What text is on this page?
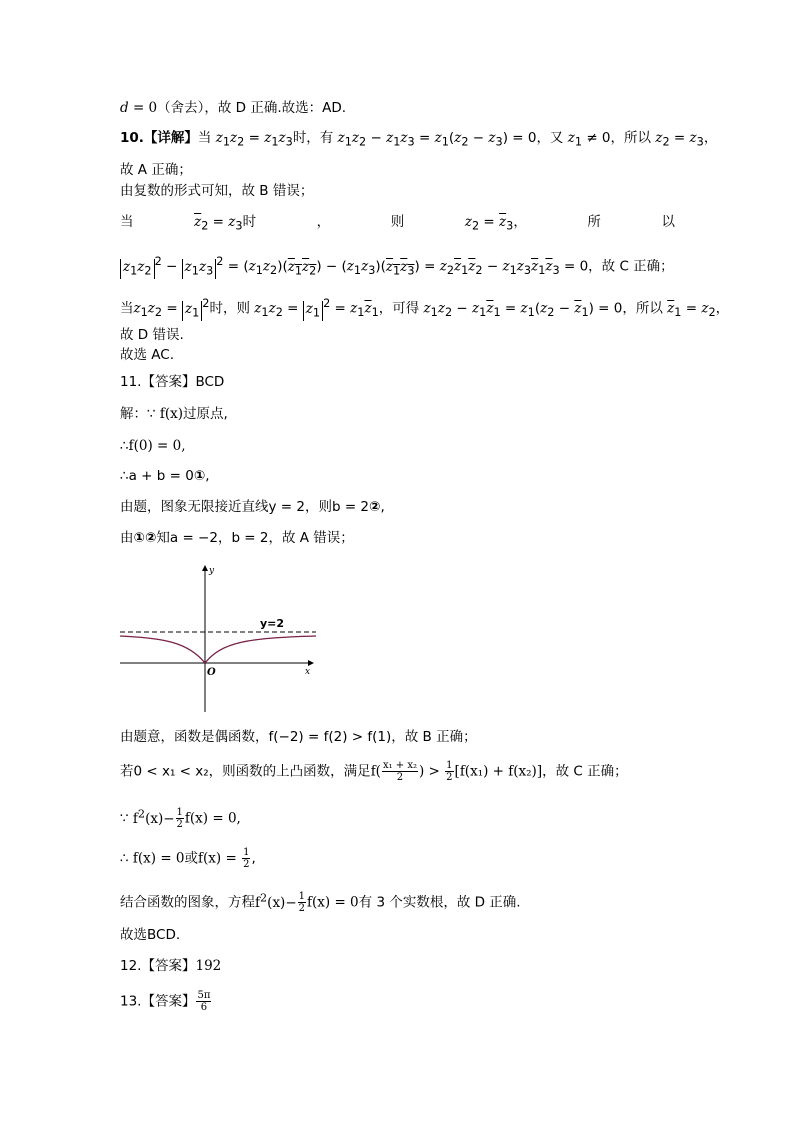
d = 0（舍去），故 D 正确.故选：AD.
10.【详解】当 $z_1z_2 = z_1z_3$时，有 $z_1z_2 - z_1z_3 = z_1(z_2 - z_3) = 0$，又 $z_1 \ne 0$，所以 $z_2 = z_3$，
故 A 正确；
由复数的形式可知，故 B 错误；
当	$\overline{z}_2 = z_3$时	，	则	$z_2 = \overline{z}_3$，	所	以
$z_1z_2^2 - z_1z_3^2 = (z_1z_2)(z_1z_2) - (z_1z_3)(z_1z_3) = z_2\overline{z}_1\overline{z}_2 - z_1z_3\overline{z}_1\overline{z}_3 = 0$，故 C 正确；
当$z_1z_2 = z_1^2$时，则 $z_1z_2 = z_1^2 = z_1\overline{z}_1$，可得 $z_1z_2 - z_1\overline{z}_1 = z_1(z_2 - \overline{z}_1) = 0$，所以 $\overline{z}_1 = z_2$，
故 D 错误.
故选 AC.
11.【答案】BCD
解：∵ f(x)过原点,
∴f(0) = 0,
∴a + b = 0①,
由题，图象无限接近直线y = 2，则b = 2②,
由①②知a = −2，b = 2，故 A 错误；
y=2
x
y
O
由题意，函数是偶函数，f(−2) = f(2) > f(1)，故 B 正确；
若0 < x₁ < x₂，则函数的上凸函数，满足$f( \frac{\text{x₁ + x₂}}{2}$ ) > $\frac{1}{2} [f(x_1) + f(x_2)]$，故 C 正确；
∵ $f^2(x)- \frac{1}{2} f(x) = 0$,
∴ f(x) = 0或$f(x) = \frac{1}{2}$ ,
结合函数的图象，方程$f^2(x)- \frac{1}{2} f(x) = 0$有 3 个实数根，故 D 正确.
故选BCD.
12.【答案】192
13.【答案】 $\frac{5\pi}{6}$
